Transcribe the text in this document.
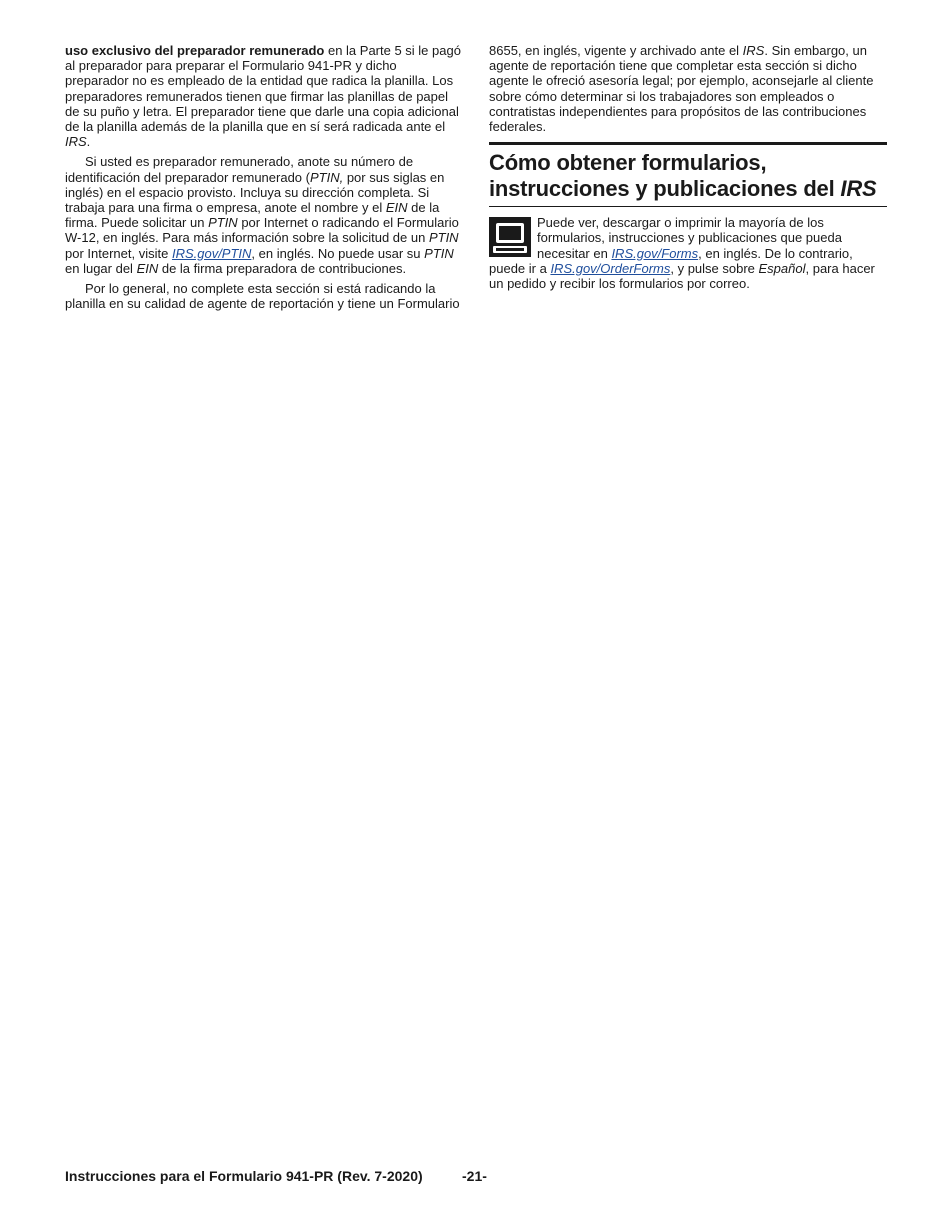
uso exclusivo del preparador remunerado en la Parte 5 si le pagó al preparador para preparar el Formulario 941-PR y dicho preparador no es empleado de la entidad que radica la planilla. Los preparadores remunerados tienen que firmar las planillas de papel de su puño y letra. El preparador tiene que darle una copia adicional de la planilla además de la planilla que en sí será radicada ante el IRS.

Si usted es preparador remunerado, anote su número de identificación del preparador remunerado (PTIN, por sus siglas en inglés) en el espacio provisto. Incluya su dirección completa. Si trabaja para una firma o empresa, anote el nombre y el EIN de la firma. Puede solicitar un PTIN por Internet o radicando el Formulario W-12, en inglés. Para más información sobre la solicitud de un PTIN por Internet, visite IRS.gov/PTIN, en inglés. No puede usar su PTIN en lugar del EIN de la firma preparadora de contribuciones.

Por lo general, no complete esta sección si está radicando la planilla en su calidad de agente de reportación y tiene un Formulario

8655, en inglés, vigente y archivado ante el IRS. Sin embargo, un agente de reportación tiene que completar esta sección si dicho agente le ofreció asesoría legal; por ejemplo, aconsejarle al cliente sobre cómo determinar si los trabajadores son empleados o contratistas independientes para propósitos de las contribuciones federales.

Cómo obtener formularios, instrucciones y publicaciones del IRS

Puede ver, descargar o imprimir la mayoría de los formularios, instrucciones y publicaciones que pueda necesitar en IRS.gov/Forms, en inglés. De lo contrario, puede ir a IRS.gov/OrderForms, y pulse sobre Español, para hacer un pedido y recibir los formularios por correo.

Instrucciones para el Formulario 941-PR (Rev. 7-2020)	-21-
